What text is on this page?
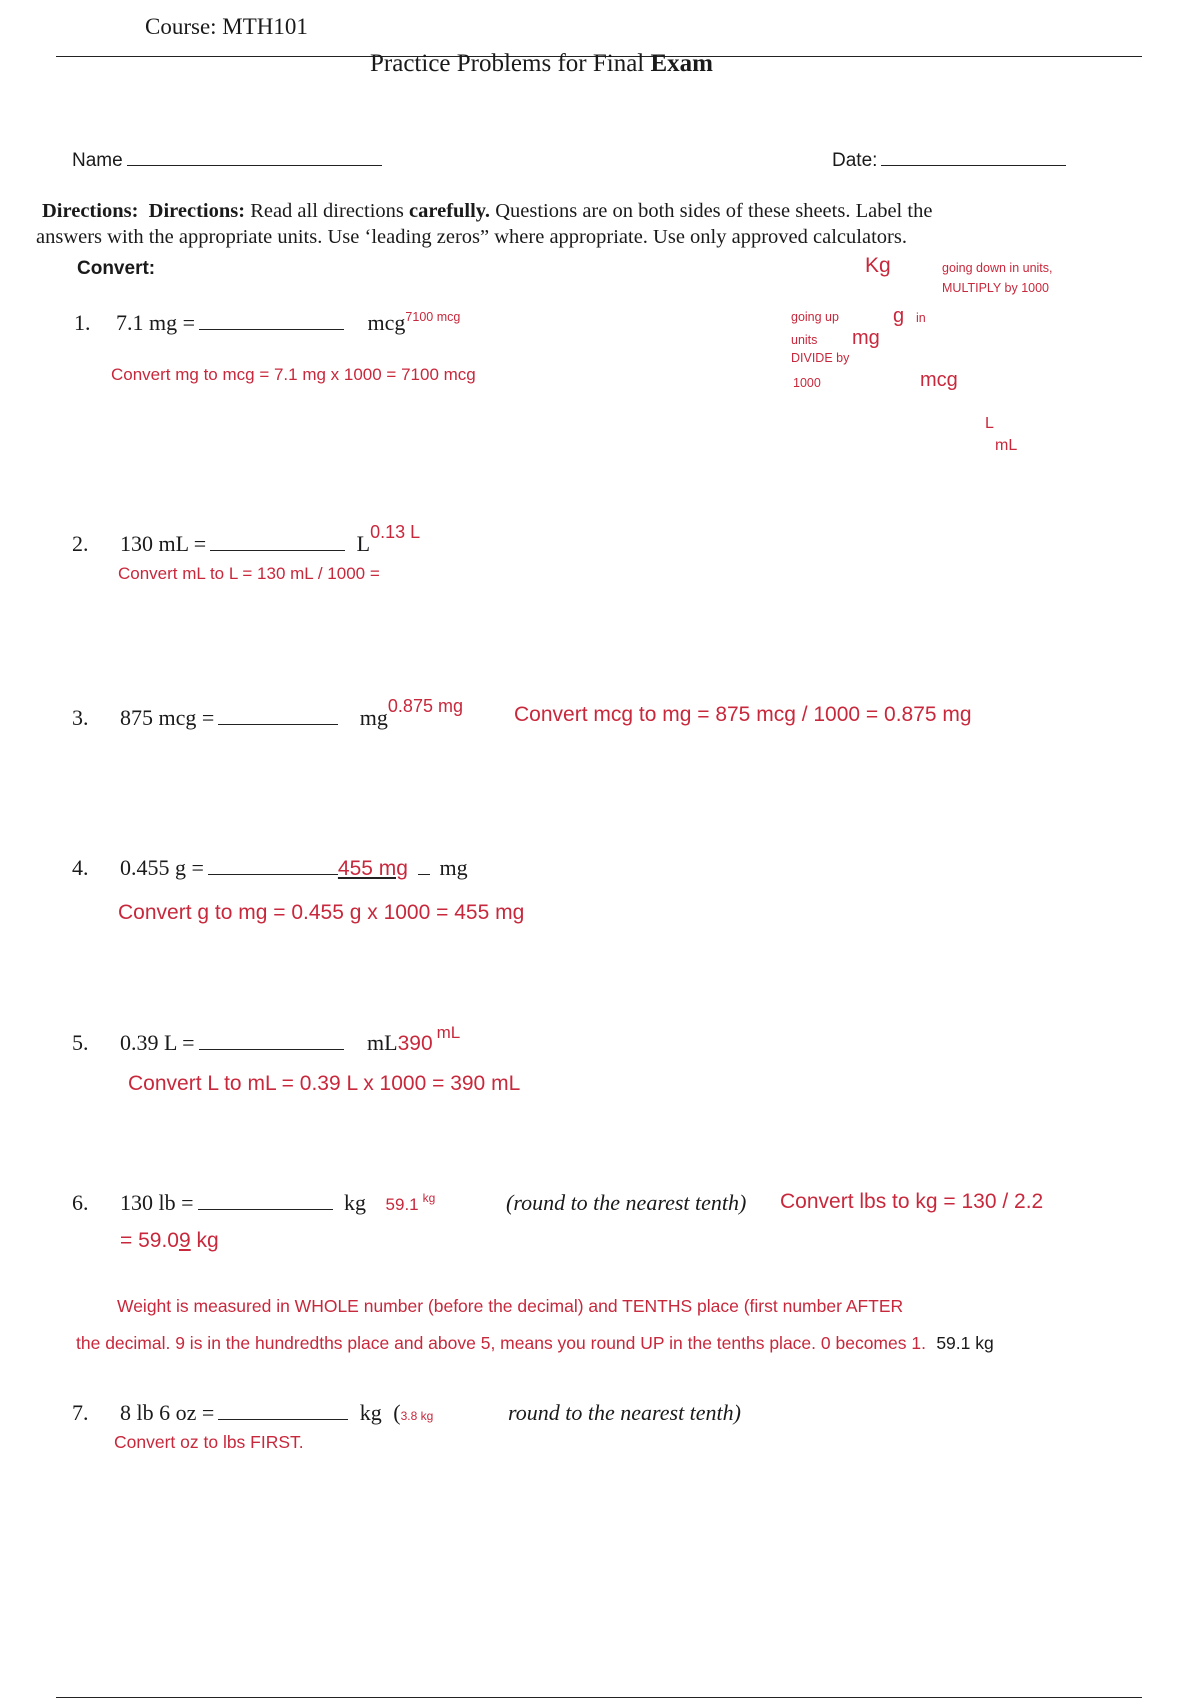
Course: MTH101
Practice Problems for Final Exam
Name	Date:
Directions: Directions: Read all directions carefully. Questions are on both sides of these sheets. Label the
answers with the appropriate units. Use ‘leading zeros” where appropriate. Use only approved calculators.
Convert:	Kg	going down in units,
MULTIPLY by 1000
going up	g in
units mg
DIVIDE by
1000	mcg
L
mL
1. 7.1 mg =	mcg$^{7100 mcg}$
Convert mg to mcg = 7.1 mg x 1000 = 7100 mcg
2. 130 mL =	$L^{0.13 L}$
Convert mL to L = 130 mL / 1000 =
3. 875 mcg =	$mg^{0.875 mg}$ Convert mcg to mg = 875 mcg / 1000 = 0.875 mg
4. 0.455 g =	455 mg mg
Convert g to mg = 0.455 g x 1000 = 455 mg
5. 0.39 L =	mL390 $^{mL}$
Convert L to mL = 0.39 L x 1000 = 390 mL
6. 130 lb =	kg 59.1 $^{kg}$	(round to the nearest tenth) Convert lbs to kg = 130 / 2.2
= 59.09 kg
Weight is measured in WHOLE number (before the decimal) and TENTHS place (first number AFTER
the decimal. 9 is in the hundredths place and above 5, means you round UP in the tenths place. 0 becomes 1. 59.1 kg
7. 8 lb 6 oz =	kg (3.8 kg	round to the nearest tenth)
Convert oz to lbs FIRST.
